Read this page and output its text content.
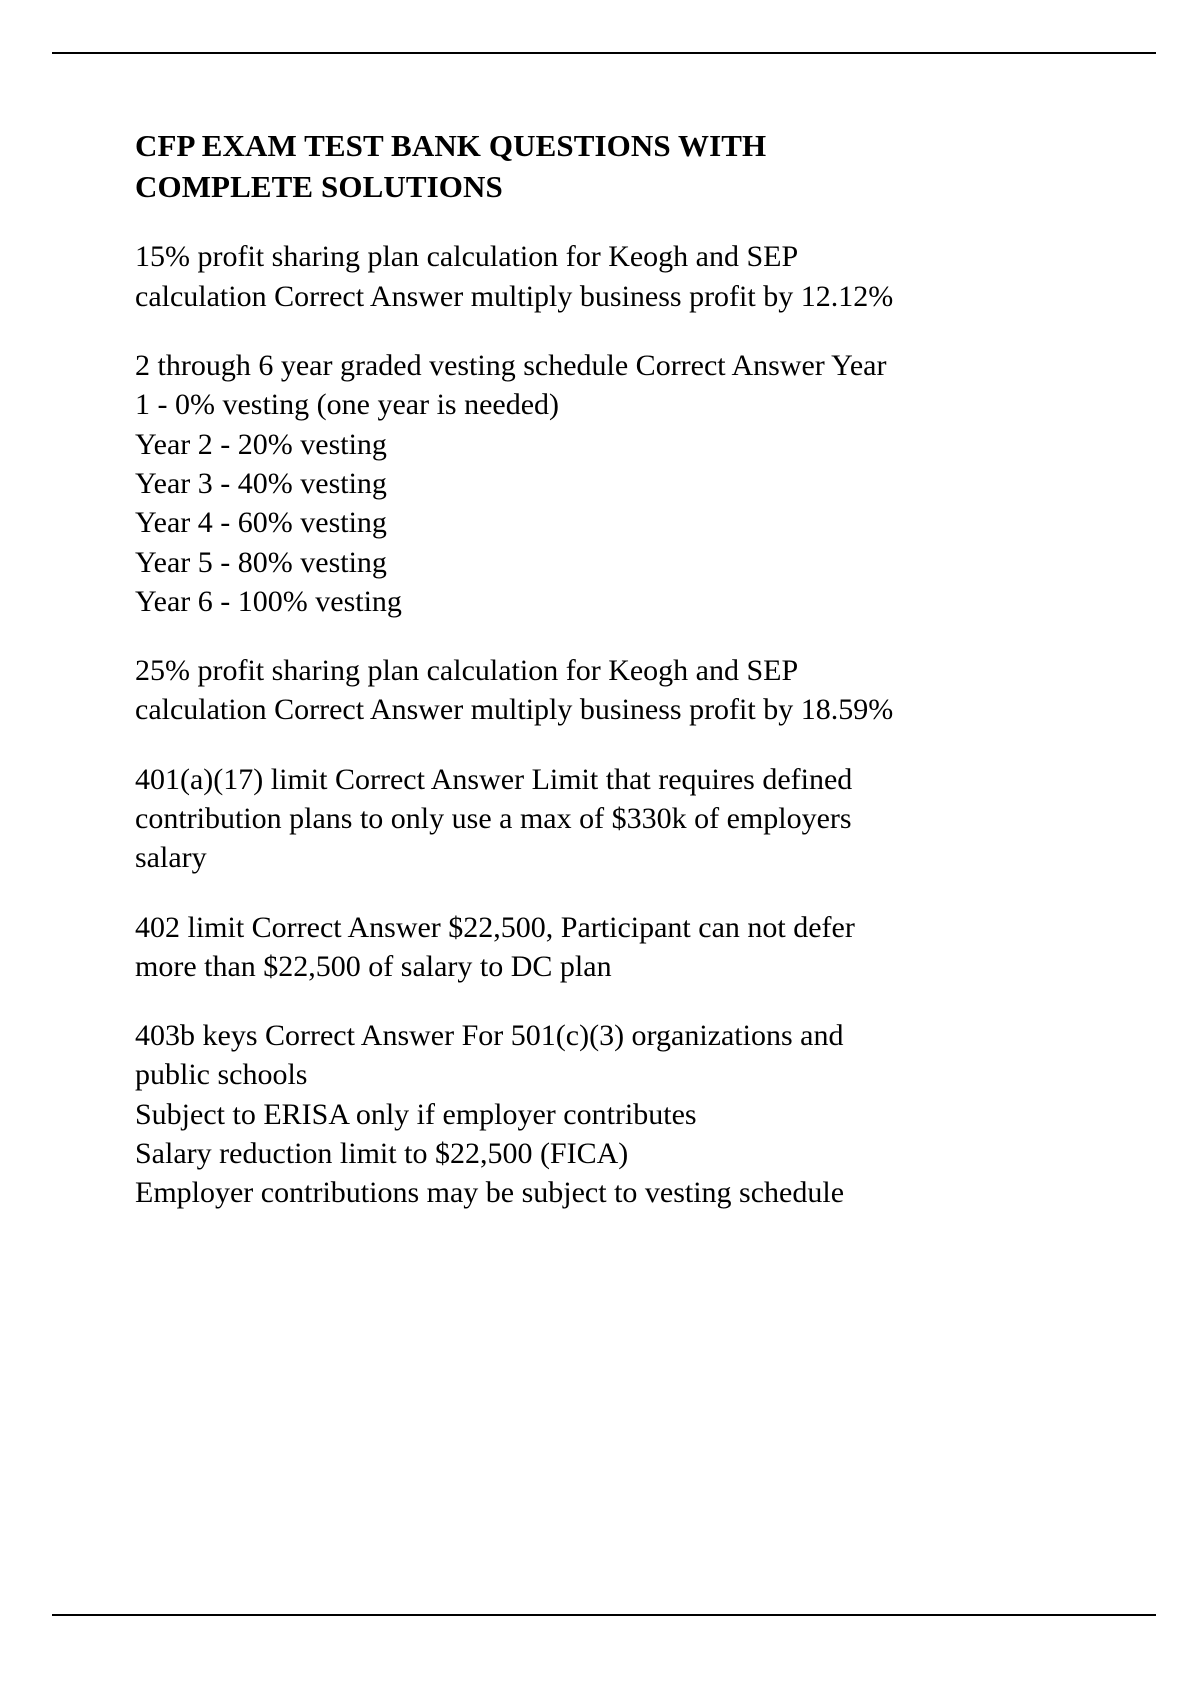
CFP EXAM TEST BANK QUESTIONS WITH COMPLETE SOLUTIONS

15% profit sharing plan calculation for Keogh and SEP

calculation Correct Answer multiply business profit by 12.12%

2 through 6 year graded vesting schedule Correct Answer Year

1 - 0% vesting (one year is needed)

Year 2 - 20% vesting

Year 3 - 40% vesting

Year 4 - 60% vesting

Year 5 - 80% vesting

Year 6 - 100% vesting

25% profit sharing plan calculation for Keogh and SEP

calculation Correct Answer multiply business profit by 18.59%

401(a)(17) limit Correct Answer Limit that requires defined

contribution plans to only use a max of $330k of employers

salary

402 limit Correct Answer $22,500, Participant can not defer

more than $22,500 of salary to DC plan

403b keys Correct Answer For 501(c)(3) organizations and

public schools

Subject to ERISA only if employer contributes

Salary reduction limit to $22,500 (FICA)

Employer contributions may be subject to vesting schedule
